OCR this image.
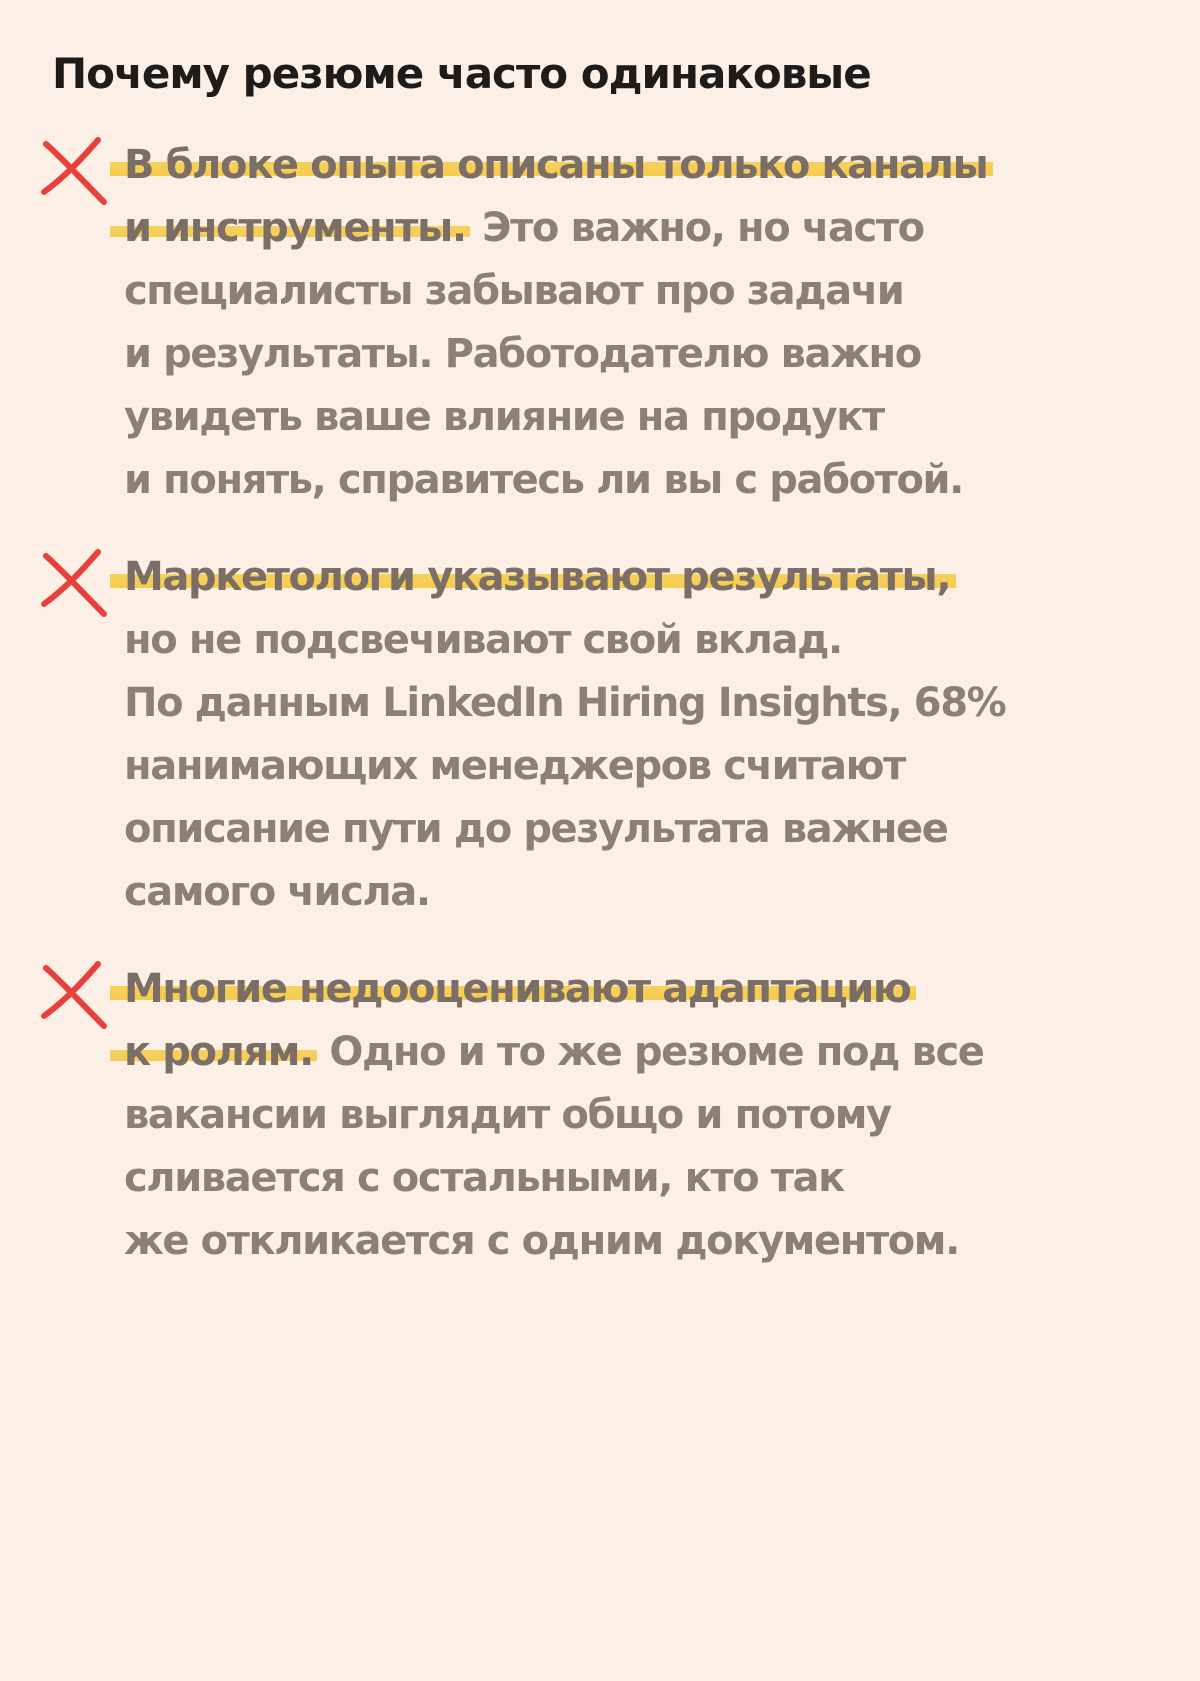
Почему резюме часто одинаковые

В блоке опыта описаны только каналы
и инструменты. Это важно, но часто
специалисты забывают про задачи
и результаты. Работодателю важно
увидеть ваше влияние на продукт
и понять, справитесь ли вы с работой.

Маркетологи указывают результаты,
но не подсвечивают свой вклад.
По данным LinkedIn Hiring Insights, 68%
нанимающих менеджеров считают
описание пути до результата важнее
самого числа.

Многие недооценивают адаптацию
к ролям. Одно и то же резюме под все
вакансии выглядит общо и потому
сливается с остальными, кто так
же откликается с одним документом.
